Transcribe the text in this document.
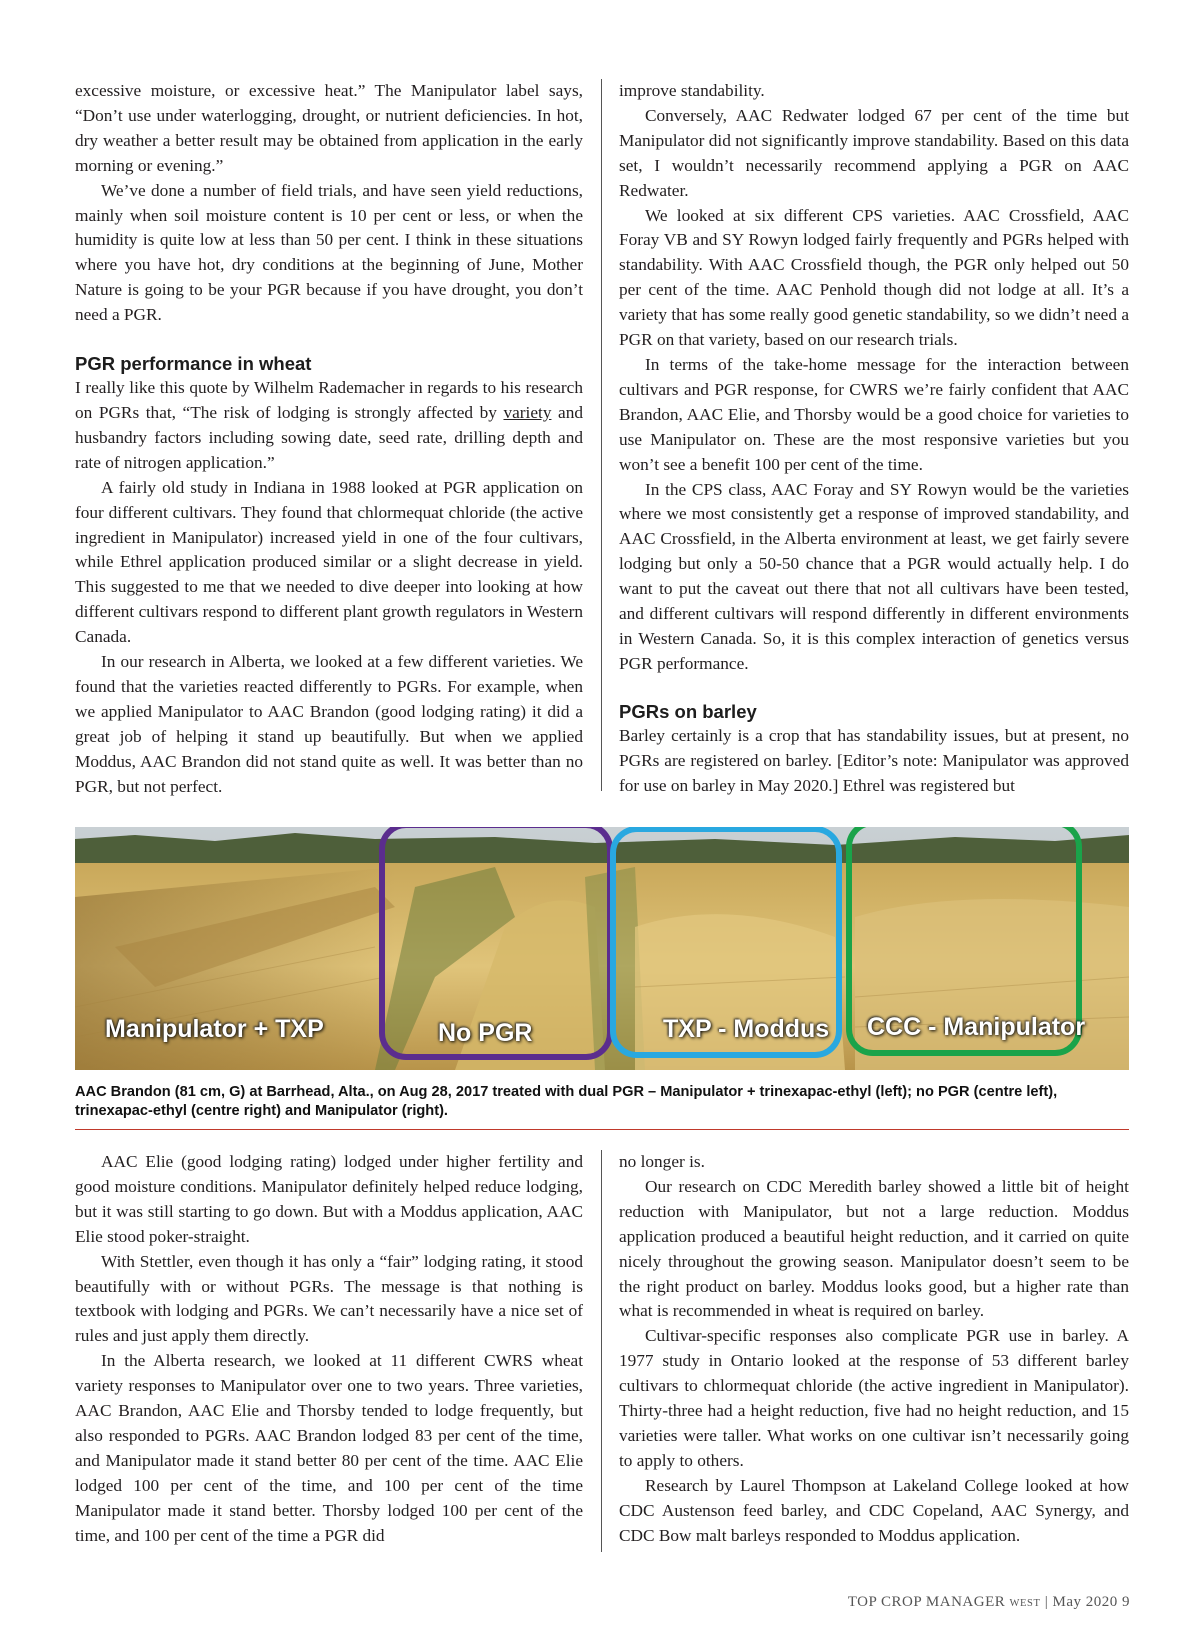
excessive moisture, or excessive heat.” The Manipulator label says, “Don’t use under waterlogging, drought, or nutrient deficiencies. In hot, dry weather a better result may be obtained from application in the early morning or evening.”

We’ve done a number of field trials, and have seen yield reductions, mainly when soil moisture content is 10 per cent or less, or when the humidity is quite low at less than 50 per cent. I think in these situations where you have hot, dry conditions at the beginning of June, Mother Nature is going to be your PGR because if you have drought, you don’t need a PGR.

PGR performance in wheat

I really like this quote by Wilhelm Rademacher in regards to his research on PGRs that, “The risk of lodging is strongly affected by variety and husbandry factors including sowing date, seed rate, drilling depth and rate of nitrogen application.”

A fairly old study in Indiana in 1988 looked at PGR application on four different cultivars. They found that chlormequat chloride (the active ingredient in Manipulator) increased yield in one of the four cultivars, while Ethrel application produced similar or a slight decrease in yield. This suggested to me that we needed to dive deeper into looking at how different cultivars respond to different plant growth regulators in Western Canada.

In our research in Alberta, we looked at a few different varieties. We found that the varieties reacted differently to PGRs. For example, when we applied Manipulator to AAC Brandon (good lodging rating) it did a great job of helping it stand up beautifully. But when we applied Moddus, AAC Brandon did not stand quite as well. It was better than no PGR, but not perfect.

improve standability.

Conversely, AAC Redwater lodged 67 per cent of the time but Manipulator did not significantly improve standability. Based on this data set, I wouldn’t necessarily recommend applying a PGR on AAC Redwater.

We looked at six different CPS varieties. AAC Crossfield, AAC Foray VB and SY Rowyn lodged fairly frequently and PGRs helped with standability. With AAC Crossfield though, the PGR only helped out 50 per cent of the time. AAC Penhold though did not lodge at all. It’s a variety that has some really good genetic standability, so we didn’t need a PGR on that variety, based on our research trials.

In terms of the take-home message for the interaction between cultivars and PGR response, for CWRS we’re fairly confident that AAC Brandon, AAC Elie, and Thorsby would be a good choice for varieties to use Manipulator on. These are the most responsive varieties but you won’t see a benefit 100 per cent of the time.

In the CPS class, AAC Foray and SY Rowyn would be the varieties where we most consistently get a response of improved standability, and AAC Crossfield, in the Alberta environment at least, we get fairly severe lodging but only a 50-50 chance that a PGR would actually help. I do want to put the caveat out there that not all cultivars have been tested, and different cultivars will respond differently in different environments in Western Canada. So, it is this complex interaction of genetics versus PGR performance.

PGRs on barley

Barley certainly is a crop that has standability issues, but at present, no PGRs are registered on barley. [Editor’s note: Manipulator was approved for use on barley in May 2020.] Ethrel was registered but

Manipulator + TXP	No PGR	TXP - Moddus CCC - Manipulator
AAC Brandon (81 cm, G) at Barrhead, Alta., on Aug 28, 2017 treated with dual PGR – Manipulator + trinexapac-ethyl (left); no PGR (centre left), trinexapac-ethyl (centre right) and Manipulator (right).

AAC Elie (good lodging rating) lodged under higher fertility and good moisture conditions. Manipulator definitely helped reduce lodging, but it was still starting to go down. But with a Moddus application, AAC Elie stood poker-straight.

With Stettler, even though it has only a “fair” lodging rating, it stood beautifully with or without PGRs. The message is that nothing is textbook with lodging and PGRs. We can’t necessarily have a nice set of rules and just apply them directly.

In the Alberta research, we looked at 11 different CWRS wheat variety responses to Manipulator over one to two years. Three varieties, AAC Brandon, AAC Elie and Thorsby tended to lodge frequently, but also responded to PGRs. AAC Brandon lodged 83 per cent of the time, and Manipulator made it stand better 80 per cent of the time. AAC Elie lodged 100 per cent of the time, and 100 per cent of the time Manipulator made it stand better. Thorsby lodged 100 per cent of the time, and 100 per cent of the time a PGR did

no longer is.

Our research on CDC Meredith barley showed a little bit of height reduction with Manipulator, but not a large reduction. Moddus application produced a beautiful height reduction, and it carried on quite nicely throughout the growing season. Manipulator doesn’t seem to be the right product on barley. Moddus looks good, but a higher rate than what is recommended in wheat is required on barley.

Cultivar-specific responses also complicate PGR use in barley. A 1977 study in Ontario looked at the response of 53 different barley cultivars to chlormequat chloride (the active ingredient in Manipulator). Thirty-three had a height reduction, five had no height reduction, and 15 varieties were taller. What works on one cultivar isn’t necessarily going to apply to others.

Research by Laurel Thompson at Lakeland College looked at how CDC Austenson feed barley, and CDC Copeland, AAC Synergy, and CDC Bow malt barleys responded to Moddus application.

TOP CROP MANAGER WEST | May 2020 9
